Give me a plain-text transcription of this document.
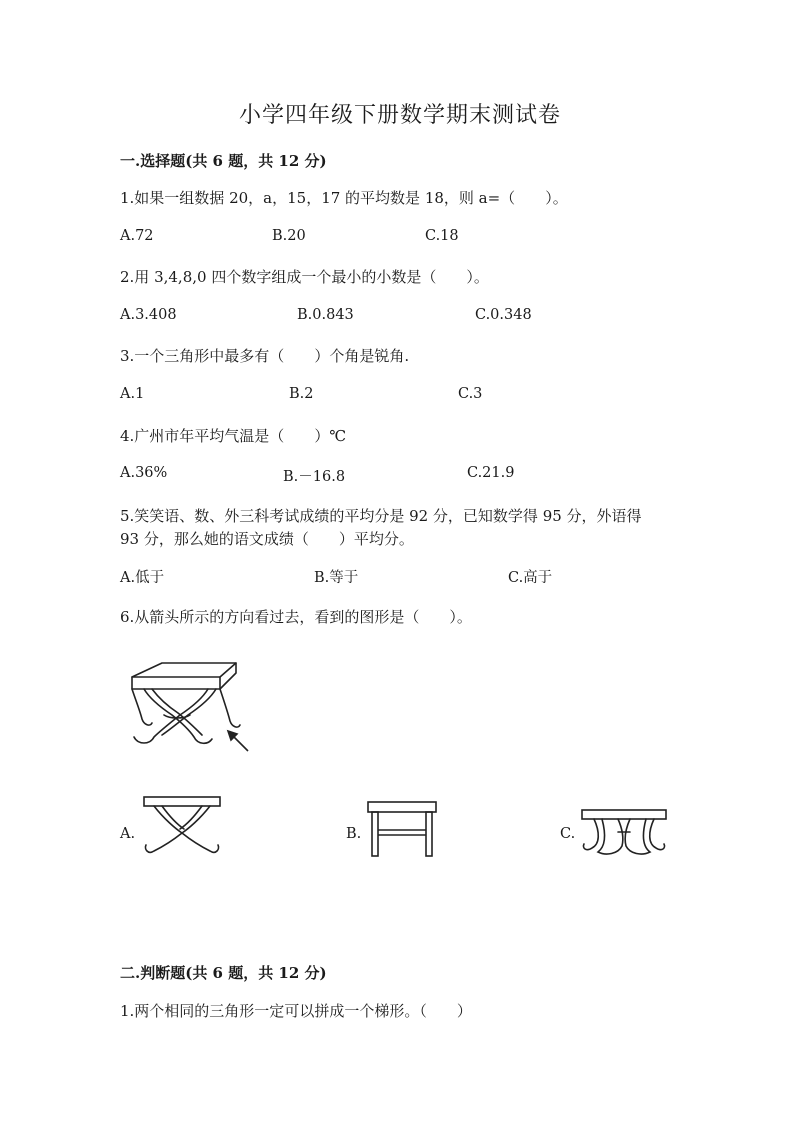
小学四年级下册数学期末测试卷
一.选择题(共 6 题，共 12 分)
1.如果一组数据 20，a，15，17 的平均数是 18，则 a=（　　）。
A.72	B.20	C.18
2.用 3,4,8,0 四个数字组成一个最小的小数是（　　）。
A.3.408	B.0.843	C.0.348
3.一个三角形中最多有（　　）个角是锐角.
A.1	B.2	C.3
4.广州市年平均气温是（　　）℃
A.36%	B.－16.8	C.21.9
5.笑笑语、数、外三科考试成绩的平均分是 92 分，已知数学得 95 分，外语得
93 分，那么她的语文成绩（　　）平均分。
A.低于	B.等于	C.高于
6.从箭头所示的方向看过去，看到的图形是（　　）。
A.	B.	C.
二.判断题(共 6 题，共 12 分)
1.两个相同的三角形一定可以拼成一个梯形。（　　）
